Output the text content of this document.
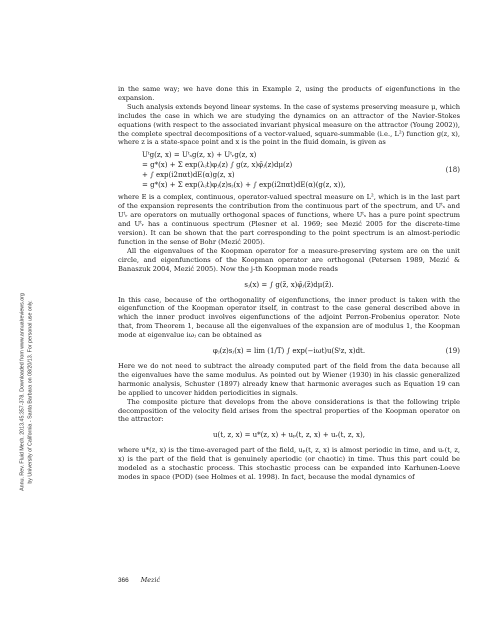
Annu. Rev. Fluid Mech. 2013.45:357-378. Downloaded from www.annualreviews.org by University of California - Santa Barbara on 08/20/13. For personal use only.

in the same way; we have done this in Example 2, using the products of eigenfunctions in the expansion.

Such analysis extends beyond linear systems. In the case of systems preserving measure μ, which includes the case in which we are studying the dynamics on an attractor of the Navier-Stokes equations (with respect to the associated invariant physical measure on the attractor (Young 2002)), the complete spectral decompositions of a vector-valued, square-summable (i.e., L²) function g(z, x), where z is a state-space point and x is the point in the fluid domain, is given as

Uᵗg(z, x) = Uᵗₛg(z, x) + Uᵗᵣg(z, x)
= g*(x) + Σ exp(λⱼt)φⱼ(z) ∫ g(z, x)φ̄ⱼ(z)dμ(z)
+ ∫ exp(i2παt)dE(α)g(z, x)
= g*(x) + Σ exp(λⱼt)φⱼ(z)sⱼ(x) + ∫ exp(i2παt)dE(α)(g(z, x)),
(18)

where E is a complex, continuous, operator-valued spectral measure on L², which is in the last part of the expansion represents the contribution from the continuous part of the spectrum, and Uᵗₛ and Uᵗᵣ are operators on mutually orthogonal spaces of functions, where Uᵗₛ has a pure point spectrum and Uᵗᵣ has a continuous spectrum (Plesner et al. 1969; see Mezić 2005 for the discrete-time version). It can be shown that the part corresponding to the point spectrum is an almost-periodic function in the sense of Bohr (Mezić 2005).

All the eigenvalues of the Koopman operator for a measure-preserving system are on the unit circle, and eigenfunctions of the Koopman operator are orthogonal (Petersen 1989, Mezić & Banaszuk 2004, Mezić 2005). Now the j-th Koopman mode reads

sⱼ(x) = ∫ g(z̃, x)φ̄ⱼ(z̃)dμ(z̃).

In this case, because of the orthogonality of eigenfunctions, the inner product is taken with the eigenfunction of the Koopman operator itself, in contrast to the case general described above in which the inner product involves eigenfunctions of the adjoint Perron-Frobenius operator. Note that, from Theorem 1, because all the eigenvalues of the expansion are of modulus 1, the Koopman mode at eigenvalue iωⱼ can be obtained as

φⱼ(z)sⱼ(x) = lim (1/T) ∫ exp(−iωt)u(Sᵗz, x)dt.	(19)

Here we do not need to subtract the already computed part of the field from the data because all the eigenvalues have the same modulus. As pointed out by Wiener (1930) in his classic generalized harmonic analysis, Schuster (1897) already knew that harmonic averages such as Equation 19 can be applied to uncover hidden periodicities in signals.

The composite picture that develops from the above considerations is that the following triple decomposition of the velocity field arises from the spectral properties of the Koopman operator on the attractor:

u(t, z, x) = u*(z, x) + uₚ(t, z, x) + uᵣ(t, z, x),

where u*(z, x) is the time-averaged part of the field, uₚ(t, z, x) is almost periodic in time, and uᵣ(t, z, x) is the part of the field that is genuinely aperiodic (or chaotic) in time. Thus this part could be modeled as a stochastic process. This stochastic process can be expanded into Karhunen-Loeve modes in space (POD) (see Holmes et al. 1998). In fact, because the modal dynamics of

366 Mezić
